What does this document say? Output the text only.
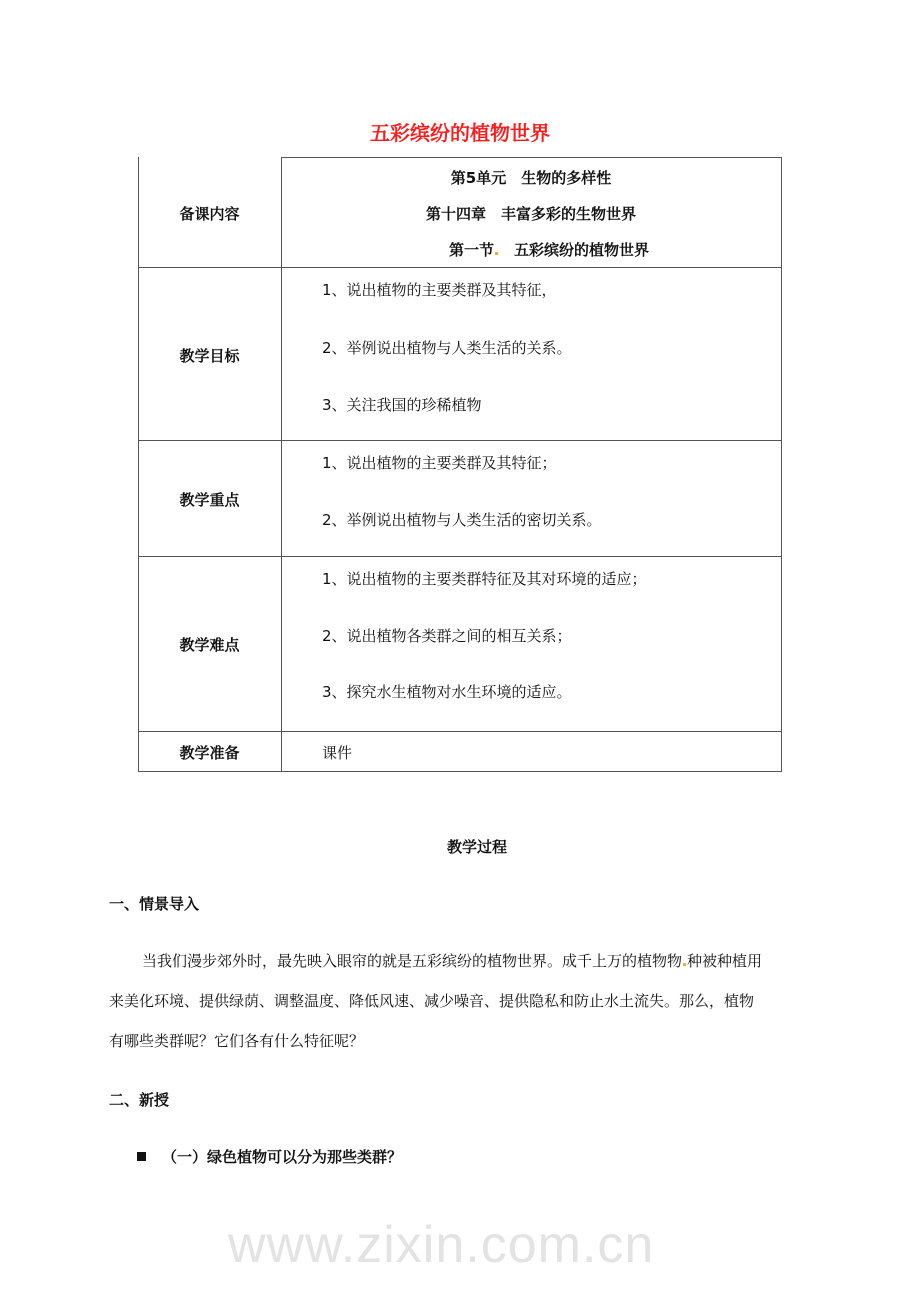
五彩缤纷的植物世界
www.zixin.com.cn
备课内容
第5单元　生物的多样性
第十四章　丰富多彩的生物世界
第一节　 五彩缤纷的植物世界
教学目标
1、说出植物的主要类群及其特征，
2、举例说出植物与人类生活的关系。
3、关注我国的珍稀植物
教学重点
1、说出植物的主要类群及其特征；
2、举例说出植物与人类生活的密切关系。
教学难点
1、说出植物的主要类群特征及其对环境的适应；
2、说出植物各类群之间的相互关系；
3、探究水生植物对水生环境的适应。
教学准备	课件
教学过程
一、情景导入
当我们漫步郊外时，最先映入眼帘的就是五彩缤纷的植物世界。成千上万的植物物 种被种植用
来美化环境、提供绿荫、调整温度、降低风速、减少噪音、提供隐私和防止水土流失。那么，植物
有哪些类群呢？它们各有什么特征呢？
二、新授
（一）绿色植物可以分为那些类群？
